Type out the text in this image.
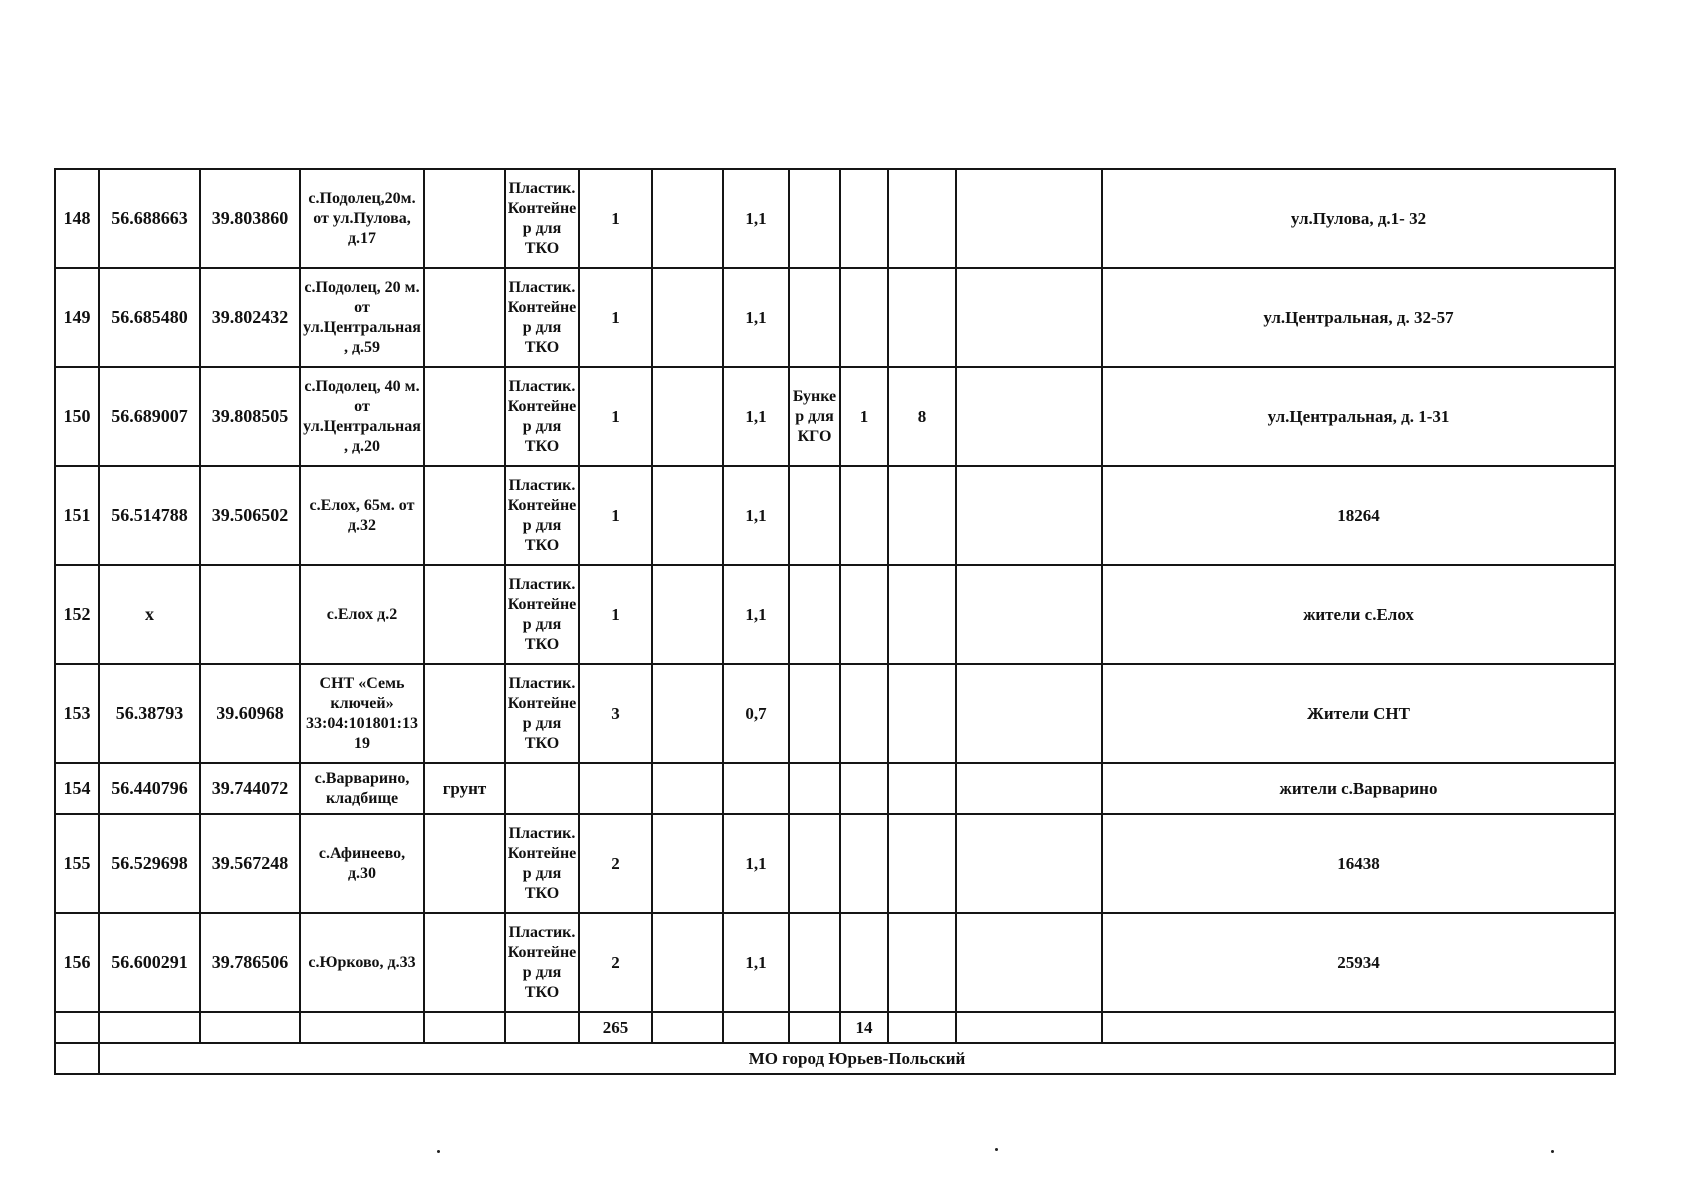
148	56.688663	39.803860	с.Подолец,20м. от ул.Пулова, д.17		Пластик. Контейнер для ТКО	1		1,1					ул.Пулова, д.1- 32
149	56.685480	39.802432	с.Подолец, 20 м. от ул.Центральная, д.59		Пластик. Контейнер для ТКО	1		1,1					ул.Центральная, д. 32-57
150	56.689007	39.808505	с.Подолец, 40 м. от ул.Центральная, д.20		Пластик. Контейнер для ТКО	1		1,1	Бункер для КГО	1	8		ул.Центральная, д. 1-31
151	56.514788	39.506502	с.Елох, 65м. от д.32		Пластик. Контейнер для ТКО	1		1,1					18264
152	х		с.Елох д.2		Пластик. Контейнер для ТКО	1		1,1					жители с.Елох
153	56.38793	39.60968	СНТ «Семь ключей» 33:04:101801:1319		Пластик. Контейнер для ТКО	3		0,7					Жители СНТ
154	56.440796	39.744072	с.Варварино, кладбище	грунт									жители с.Варварино
155	56.529698	39.567248	с.Афинеево, д.30		Пластик. Контейнер для ТКО	2		1,1					16438
156	56.600291	39.786506	с.Юрково, д.33		Пластик. Контейнер для ТКО	2		1,1					25934
						265				14			
	МО город Юрьев-Польский												
